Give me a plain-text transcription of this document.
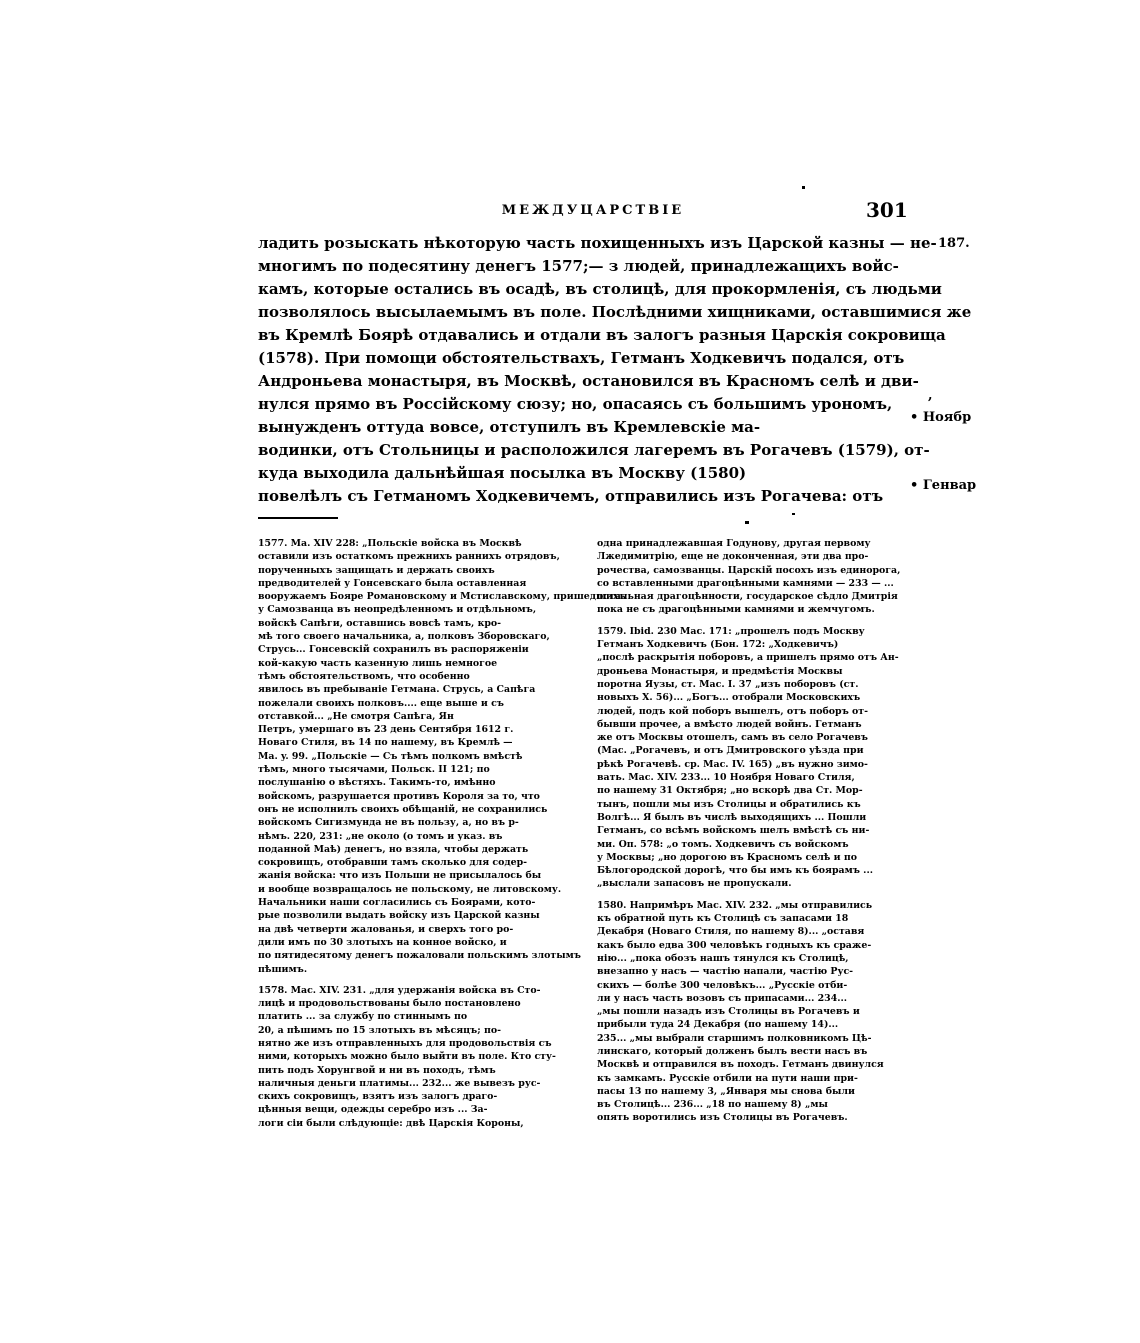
МЕЖДУЦАРСТВІЕ	301
ладить розыскать нѣкоторую часть похищенныхъ изъ Царской казны — не-
многимъ по подесятину денегъ 1577;— з людей, принадлежащихъ войс-
камъ, которые остались въ осадѣ, въ столицѣ, для прокормленія, съ людьми
позволялось высылаемымъ въ поле. Послѣдними хищниками, оставшимися же
въ Кремлѣ Боярѣ отдавались и отдали въ залогъ разныя Царскія сокровища
(1578). При помощи обстоятельствахъ, Гетманъ Ходкевичъ подался, отъ
Андроньева монастыря, въ Москвѣ, остановился въ Красномъ селѣ и дви-
нулся прямо въ Россійскому сюзу; но, опасаясь съ большимъ урономъ,
вынужденъ оттуда вовсе, отступилъ въ Кремлевскіе ма-
водинки, отъ Стольницы и расположился лагеремъ въ Рогачевъ (1579), от-
куда выходила дальнѣйшая посылка въ Москву (1580)
повелѣлъ съ Гетманомъ Ходкевичемъ, отправились изъ Рогачева: отъ
187.
,
• Ноябр
• Генвар
1577. Ma. XIV 228: „Польскіе войска въ Москвѣ
оставили изъ остаткомъ прежнихъ раннихъ отрядовъ,
порученныхъ защищать и держать своихъ
предводителей у Гонсевскаго была оставленная
вооружаемъ Бояре Романовскому и Мстиславскому, пришедшихъ
у Самозванца въ неопредѣленномъ и отдѣльномъ,
войскѣ Сапѣги, оставшись вовсѣ тамъ, кро-
мѣ того своего начальника, а, полковъ Зборовскаго,
Струсь... Гонсевскій сохранилъ въ распоряженіи
кой-какую часть казенную лишь немногое
тѣмъ обстоятельствомъ, что особенно
явилось въ пребываніе Гетмана. Струсь, а Сапѣга
пожелали своихъ полковъ.... еще выше и съ
отставкой... „Не смотря Сапѣга, Ян
Петръ, умершаго въ 23 день Сентября 1612 г.
Новаго Стиля, въ 14 по нашему, въ Кремлѣ —
Ma. y. 99. „Польскіе — Съ тѣмъ полкомъ вмѣстѣ
тѣмъ, много тысячами, Польск. II 121; по
послушанію о вѣстяхъ. Такимъ-то, имѣнно
войскомъ, разрушается противъ Короля за то, что
онъ не исполнилъ своихъ обѣщаній, не сохранились
войскомъ Сигизмунда не въ пользу, а, но въ р-
нѣмъ. 220, 231: „не около (о томъ и указ. въ
поданной Маѣ) денегъ, но взяла, чтобы держать
сокровищъ, отобравши тамъ сколько для содер-
жанія войска: что изъ Польши не присылалось бы
и вообще возвращалось не польскому, не литовскому.
Начальники наши согласились съ Боярами, кото-
рые позволили выдать войску изъ Царской казны
на двѣ четверти жалованья, и сверхъ того ро-
дили имъ по 30 злотыхъ на конное войско, и
по пятидесятому денегъ пожаловали польскимъ злотымъ
пѣшимъ.
1578. Mac. XIV. 231. „для удержанія войска въ Сто-
лицѣ и продовольствованы было постановлено
платить ... за службу по стиннымъ по
20, а пѣшимъ по 15 злотыхъ въ мѣсяцъ; по-
нятно же изъ отправленныхъ для продовольствія съ
ними, которыхъ можно было выйти въ поле. Кто сту-
пить подъ Хорунгвой и ни въ походъ, тѣмъ
наличныя деньги платимы... 232... же вывезъ рус-
скихъ сокровищъ, взятъ изъ залогъ драго-
цѣнныя вещи, одежды серебро изъ ... За-
логи сіи были слѣдующіе: двѣ Царскія Короны,
одна принадлежавшая Годунову, другая первому
Лжедимитрію, еще не доконченная, эти два про-
рочества, самозванцы. Царскій посохъ изъ единорога,
со вставленными драгоцѣнными камнями — 233 — ...
остальная драгоцѣнности, государское сѣдло Дмитрія
пока не съ драгоцѣнными камнями и жемчугомъ.
1579. Ibid. 230 Mac. 171: „прошелъ подъ Москву
Гетманъ Ходкевичъ (Бон. 172: „Ходкевичъ)
„послѣ раскрытія поборовъ, а пришелъ прямо отъ Ан-
дроньева Монастыря, и предмѣстія Москвы
поротна Яузы, ст. Mac. I. 37 „изъ поборовъ (ст.
новыхъ X. 56)... „Богъ... отобрали Московскихъ
людей, подъ кой поборъ вышелъ, отъ поборъ от-
бывши прочее, а вмѣсто людей войнъ. Гетманъ
же отъ Москвы отошелъ, самъ въ село Рогачевъ
(Mac. „Рогачевъ, и отъ Дмитровского уѣзда при
рѣкѣ Рогачевѣ. ср. Mac. IV. 165) „въ нужно зимо-
вать. Mac. XIV. 233... 10 Ноября Новаго Стиля,
по нашему 31 Октября; „но вскорѣ два Ст. Мор-
тынъ, пошли мы изъ Столицы и обратились къ
Волгѣ... Я былъ въ числѣ выходящихъ ... Пошли
Гетманъ, со всѣмъ войскомъ шелъ вмѣстѣ съ ни-
ми. Оп. 578: „о томъ. Ходкевичъ съ войскомъ
у Москвы; „но дорогою въ Красномъ селѣ и по
Бѣлогородской дорогѣ, что бы имъ къ боярамъ ...
„выслали запасовъ не пропускали.
1580. Напримѣръ Mac. XIV. 232. „мы отправились
къ обратной путь къ Столицѣ съ запасами 18
Декабря (Новаго Стиля, по нашему 8)... „оставя
какъ было едва 300 человѣкъ годныхъ къ сраже-
нію... „пока обозъ нашъ тянулся къ Столицѣ,
внезапно у насъ — частію напали, частію Рус-
скихъ — болѣе 300 человѣкъ... „Русскіе отби-
ли у насъ часть возовъ съ припасами... 234...
„мы пошли назадъ изъ Столицы въ Рогачевъ и
прибыли туда 24 Декабря (по нашему 14)...
235... „мы выбрали старшимъ полковникомъ Цѣ-
линскаго, который долженъ былъ вести насъ въ
Москвѣ и отправился въ походъ. Гетманъ двинулся
къ замкамъ. Русскіе отбили на пути наши при-
пасы 13 по нашему 3, „Января мы снова были
въ Столицѣ... 236... „18 по нашему 8) „мы
опять воротились изъ Столицы въ Рогачевъ.
